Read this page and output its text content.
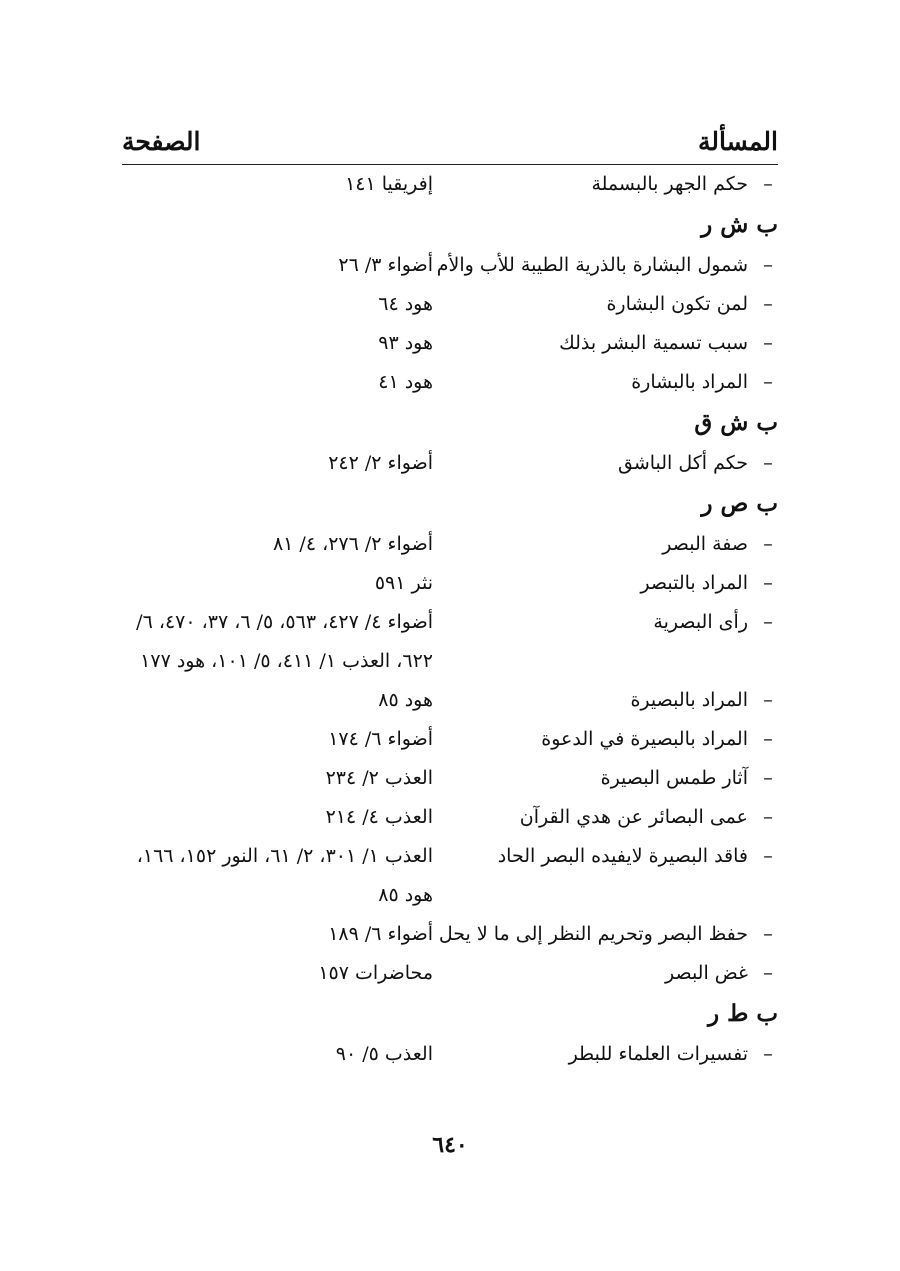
المسألة
الصفحة
–
حكم الجهر بالبسملة
إفريقيا ١٤١
ب ش ر
–
شمول البشارة بالذرية الطيبة للأب والأم
أضواء ٣/ ٢٦
–
لمن تكون البشارة
هود ٦٤
–
سبب تسمية البشر بذلك
هود ٩٣
–
المراد بالبشارة
هود ٤١
ب ش ق
–
حكم أكل الباشق
أضواء ٢/ ٢٤٢
ب ص ر
–
صفة البصر
أضواء ٢/ ٢٧٦، ٤/ ٨١
–
المراد بالتبصر
نثر ٥٩١
–
رأى البصرية
أضواء ٤/ ٤٢٧، ٥٦٣، ٥/ ٦، ٣٧، ٤٧٠، ٦/
٦٢٢، العذب ١/ ٤١١، ٥/ ١٠١، هود ١٧٧
–
المراد بالبصيرة
هود ٨٥
–
المراد بالبصيرة في الدعوة
أضواء ٦/ ١٧٤
–
آثار طمس البصيرة
العذب ٢/ ٢٣٤
–
عمى البصائر عن هدي القرآن
العذب ٤/ ٢١٤
–
فاقد البصيرة لايفيده البصر الحاد
العذب ١/ ٣٠١، ٢/ ٦١، النور ١٥٢، ١٦٦،
هود ٨٥
–
حفظ البصر وتحريم النظر إلى ما لا يحل
أضواء ٦/ ١٨٩
–
غض البصر
محاضرات ١٥٧
ب ط ر
–
تفسيرات العلماء للبطر
العذب ٥/ ٩٠
٦٤٠
